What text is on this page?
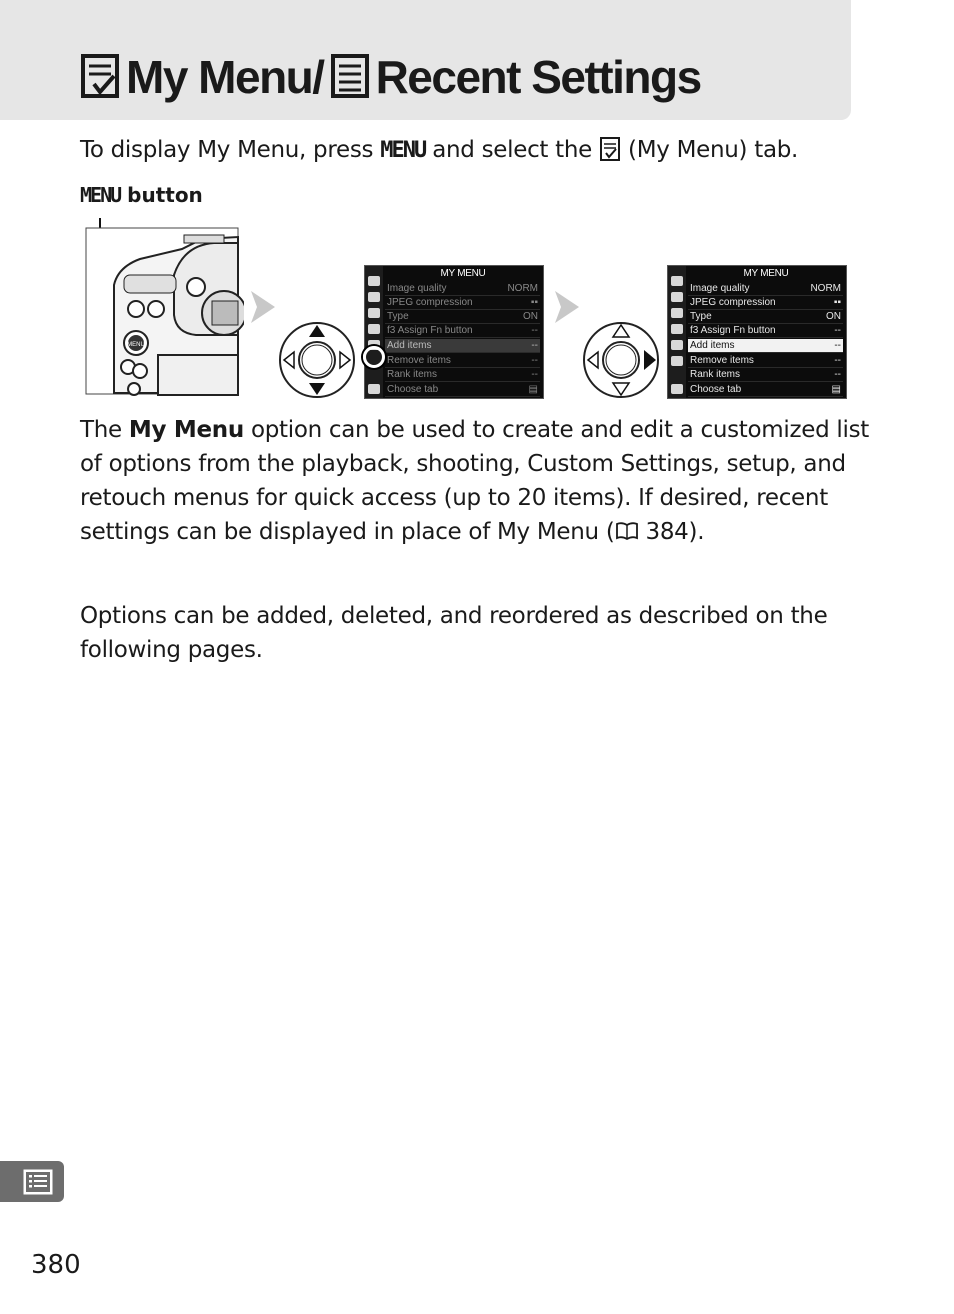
My Menu/ Recent Settings

To display My Menu, press MENU and select the (My Menu) tab.

MENU button
MENU
MY MENU
Image quality	NORM
JPEG compression	▪▪
Type	ON
f3 Assign Fn button	--
Add items	--
Remove items	--
Rank items	--
Choose tab	▤
MY MENU
Image quality	NORM
JPEG compression	▪▪
Type	ON
f3 Assign Fn button	--
Add items	--
Remove items	--
Rank items	--
Choose tab	▤

The My Menu option can be used to create and edit a customized list of options from the playback, shooting, Custom Settings, setup, and retouch menus for quick access (up to 20 items). If desired, recent settings can be displayed in place of My Menu ( 384).

Options can be added, deleted, and reordered as described on the following pages.

380
